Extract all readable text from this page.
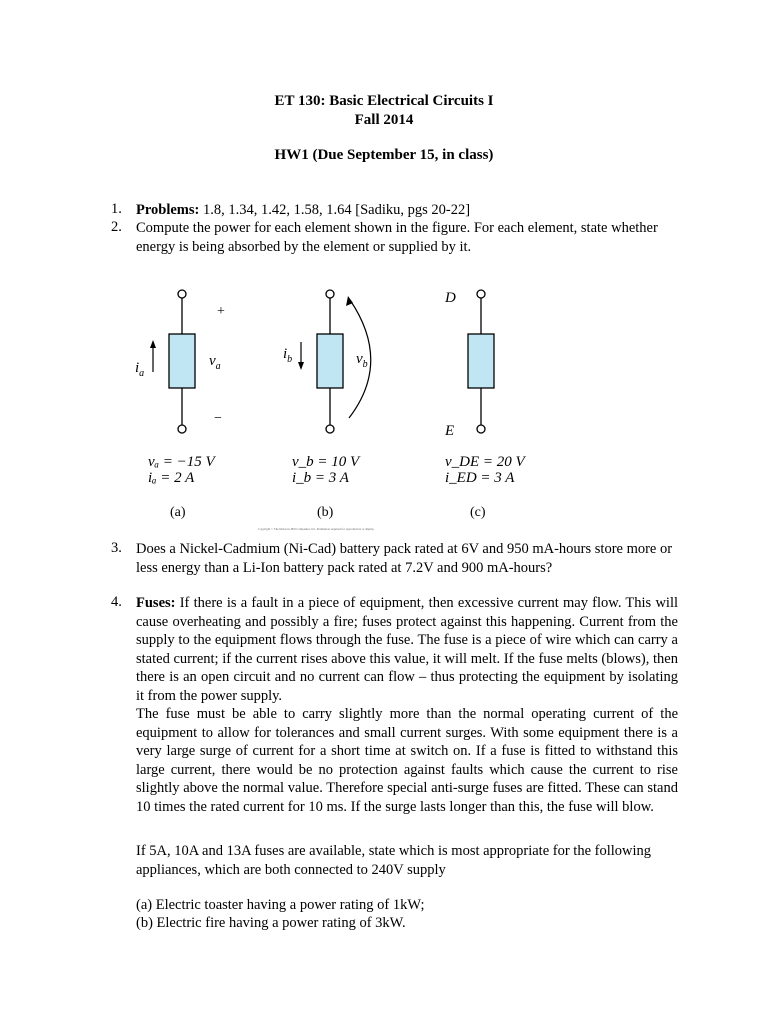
ET 130: Basic Electrical Circuits I
Fall 2014
HW1 (Due September 15, in class)
1. Problems: 1.8, 1.34, 1.42, 1.58, 1.64 [Sadiku, pgs 20-22]
2. Compute the power for each element shown in the figure. For each element, state whether energy is being absorbed by the element or supplied by it.
+
−
$i_a$
$v_a$
vₐ = −15 V
iₐ = 2 A
(a)
$i_b$	$v_b$
v_b = 10 V
i_b = 3 A
(b)
D
E
v_DE = 20 V
i_ED = 3 A
(c)
Copyright © The McGraw-Hill Companies, Inc. Permission required for reproduction or display.
3. Does a Nickel-Cadmium (Ni-Cad) battery pack rated at 6V and 950 mA-hours store more or less energy than a Li-Ion battery pack rated at 7.2V and 900 mA-hours?
4. Fuses: If there is a fault in a piece of equipment, then excessive current may flow. This will cause overheating and possibly a fire; fuses protect against this happening. Current from the supply to the equipment flows through the fuse. The fuse is a piece of wire which can carry a stated current; if the current rises above this value, it will melt. If the fuse melts (blows), then there is an open circuit and no current can flow – thus protecting the equipment by isolating it from the power supply.
The fuse must be able to carry slightly more than the normal operating current of the equipment to allow for tolerances and small current surges. With some equipment there is a very large surge of current for a short time at switch on. If a fuse is fitted to withstand this large current, there would be no protection against faults which cause the current to rise slightly above the normal value. Therefore special anti-surge fuses are fitted. These can stand 10 times the rated current for 10 ms. If the surge lasts longer than this, the fuse will blow.
If 5A, 10A and 13A fuses are available, state which is most appropriate for the following appliances, which are both connected to 240V supply
(a) Electric toaster having a power rating of 1kW;
(b) Electric fire having a power rating of 3kW.
